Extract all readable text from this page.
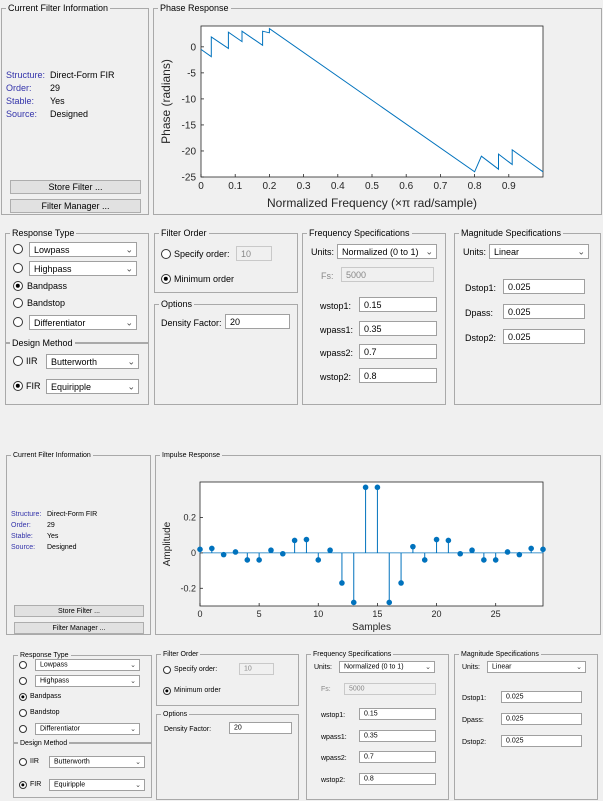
Current Filter Information
Structure: Direct-Form FIR
Order: 29
Stable: Yes
Source: Designed
Store Filter ...
Filter Manager ...
Phase Response
0 0.1 0.2 0.3 0.4 0.5 0.6 0.7 0.8 0.9
0
-5
-10
-15
-20
-25
Normalized Frequency (×π rad/sample)
Phase (radians)
Response Type
Lowpass	⌄
Highpass	⌄
Bandpass
Bandstop
Differentiator	⌄
Design Method
IIR Butterworth	⌄
FIR Equiripple	⌄
Filter Order
Specify order: 10
Minimum order
Options
Density Factor: 20
Frequency Specifications
Units: Normalized (0 to 1) ⌄
Fs: 5000
wstop1: 0.15
wpass1: 0.35
wpass2: 0.7
wstop2: 0.8
Magnitude Specifications
Units: Linear	⌄
Dstop1: 0.025
Dpass: 0.025
Dstop2: 0.025
Current Filter Information
Structure: Direct-Form FIR
Order: 29
Stable: Yes
Source: Designed
Store Filter ...
Filter Manager ...
Impulse Response
0	5	10	15	20	25
0.2
0
-0.2
Samples
Amplitude
Response Type
Lowpass	⌄
Highpass	⌄
Bandpass
Bandstop
Differentiator	⌄
Design Method
IIR Butterworth	⌄
FIR Equiripple	⌄
Filter Order
Specify order:	10
Minimum order
Options
Density Factor:	20
Frequency Specifications
Units: Normalized (0 to 1)	⌄
Fs:	5000
wstop1:	0.15
wpass1: 0.35
wpass2: 0.7
wstop2:	0.8
Magnitude Specifications
Units: Linear	⌄
Dstop1:	0.025
Dpass:	0.025
Dstop2:	0.025
